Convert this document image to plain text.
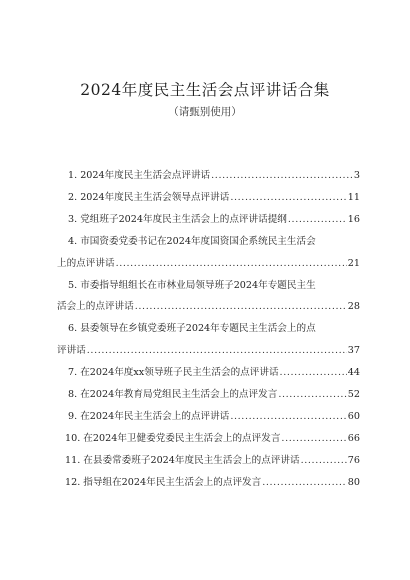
2024年度民主生活会点评讲话合集
（请甄别使用）
1. 2024年度民主生活会点评讲话 .....	3
2. 2024年度民主生活会领导点评讲话 .....	11
3. 党组班子2024年度民主生活会上的点评讲话提纲 .....	16
4. 市国资委党委书记在2024年度国资国企系统民主生活会
上的点评讲话 .....	21
5. 市委指导组组长在市林业局领导班子2024年专题民主生
活会上的点评讲话 .....	28
6. 县委领导在乡镇党委班子2024年专题民主生活会上的点
评讲话 .....	37
7. 在2024年度xx领导班子民主生活会的点评讲话 .....	44
8. 在2024年教育局党组民主生活会上的点评发言 .....	52
9. 在2024年民主生活会上的点评讲话 .....	60
10. 在2024年卫健委党委民主生活会上的点评发言 .....	66
11. 在县委常委班子2024年度民主生活会上的点评讲话 .....	76
12. 指导组在2024年民主生活会上的点评发言 .....	80
